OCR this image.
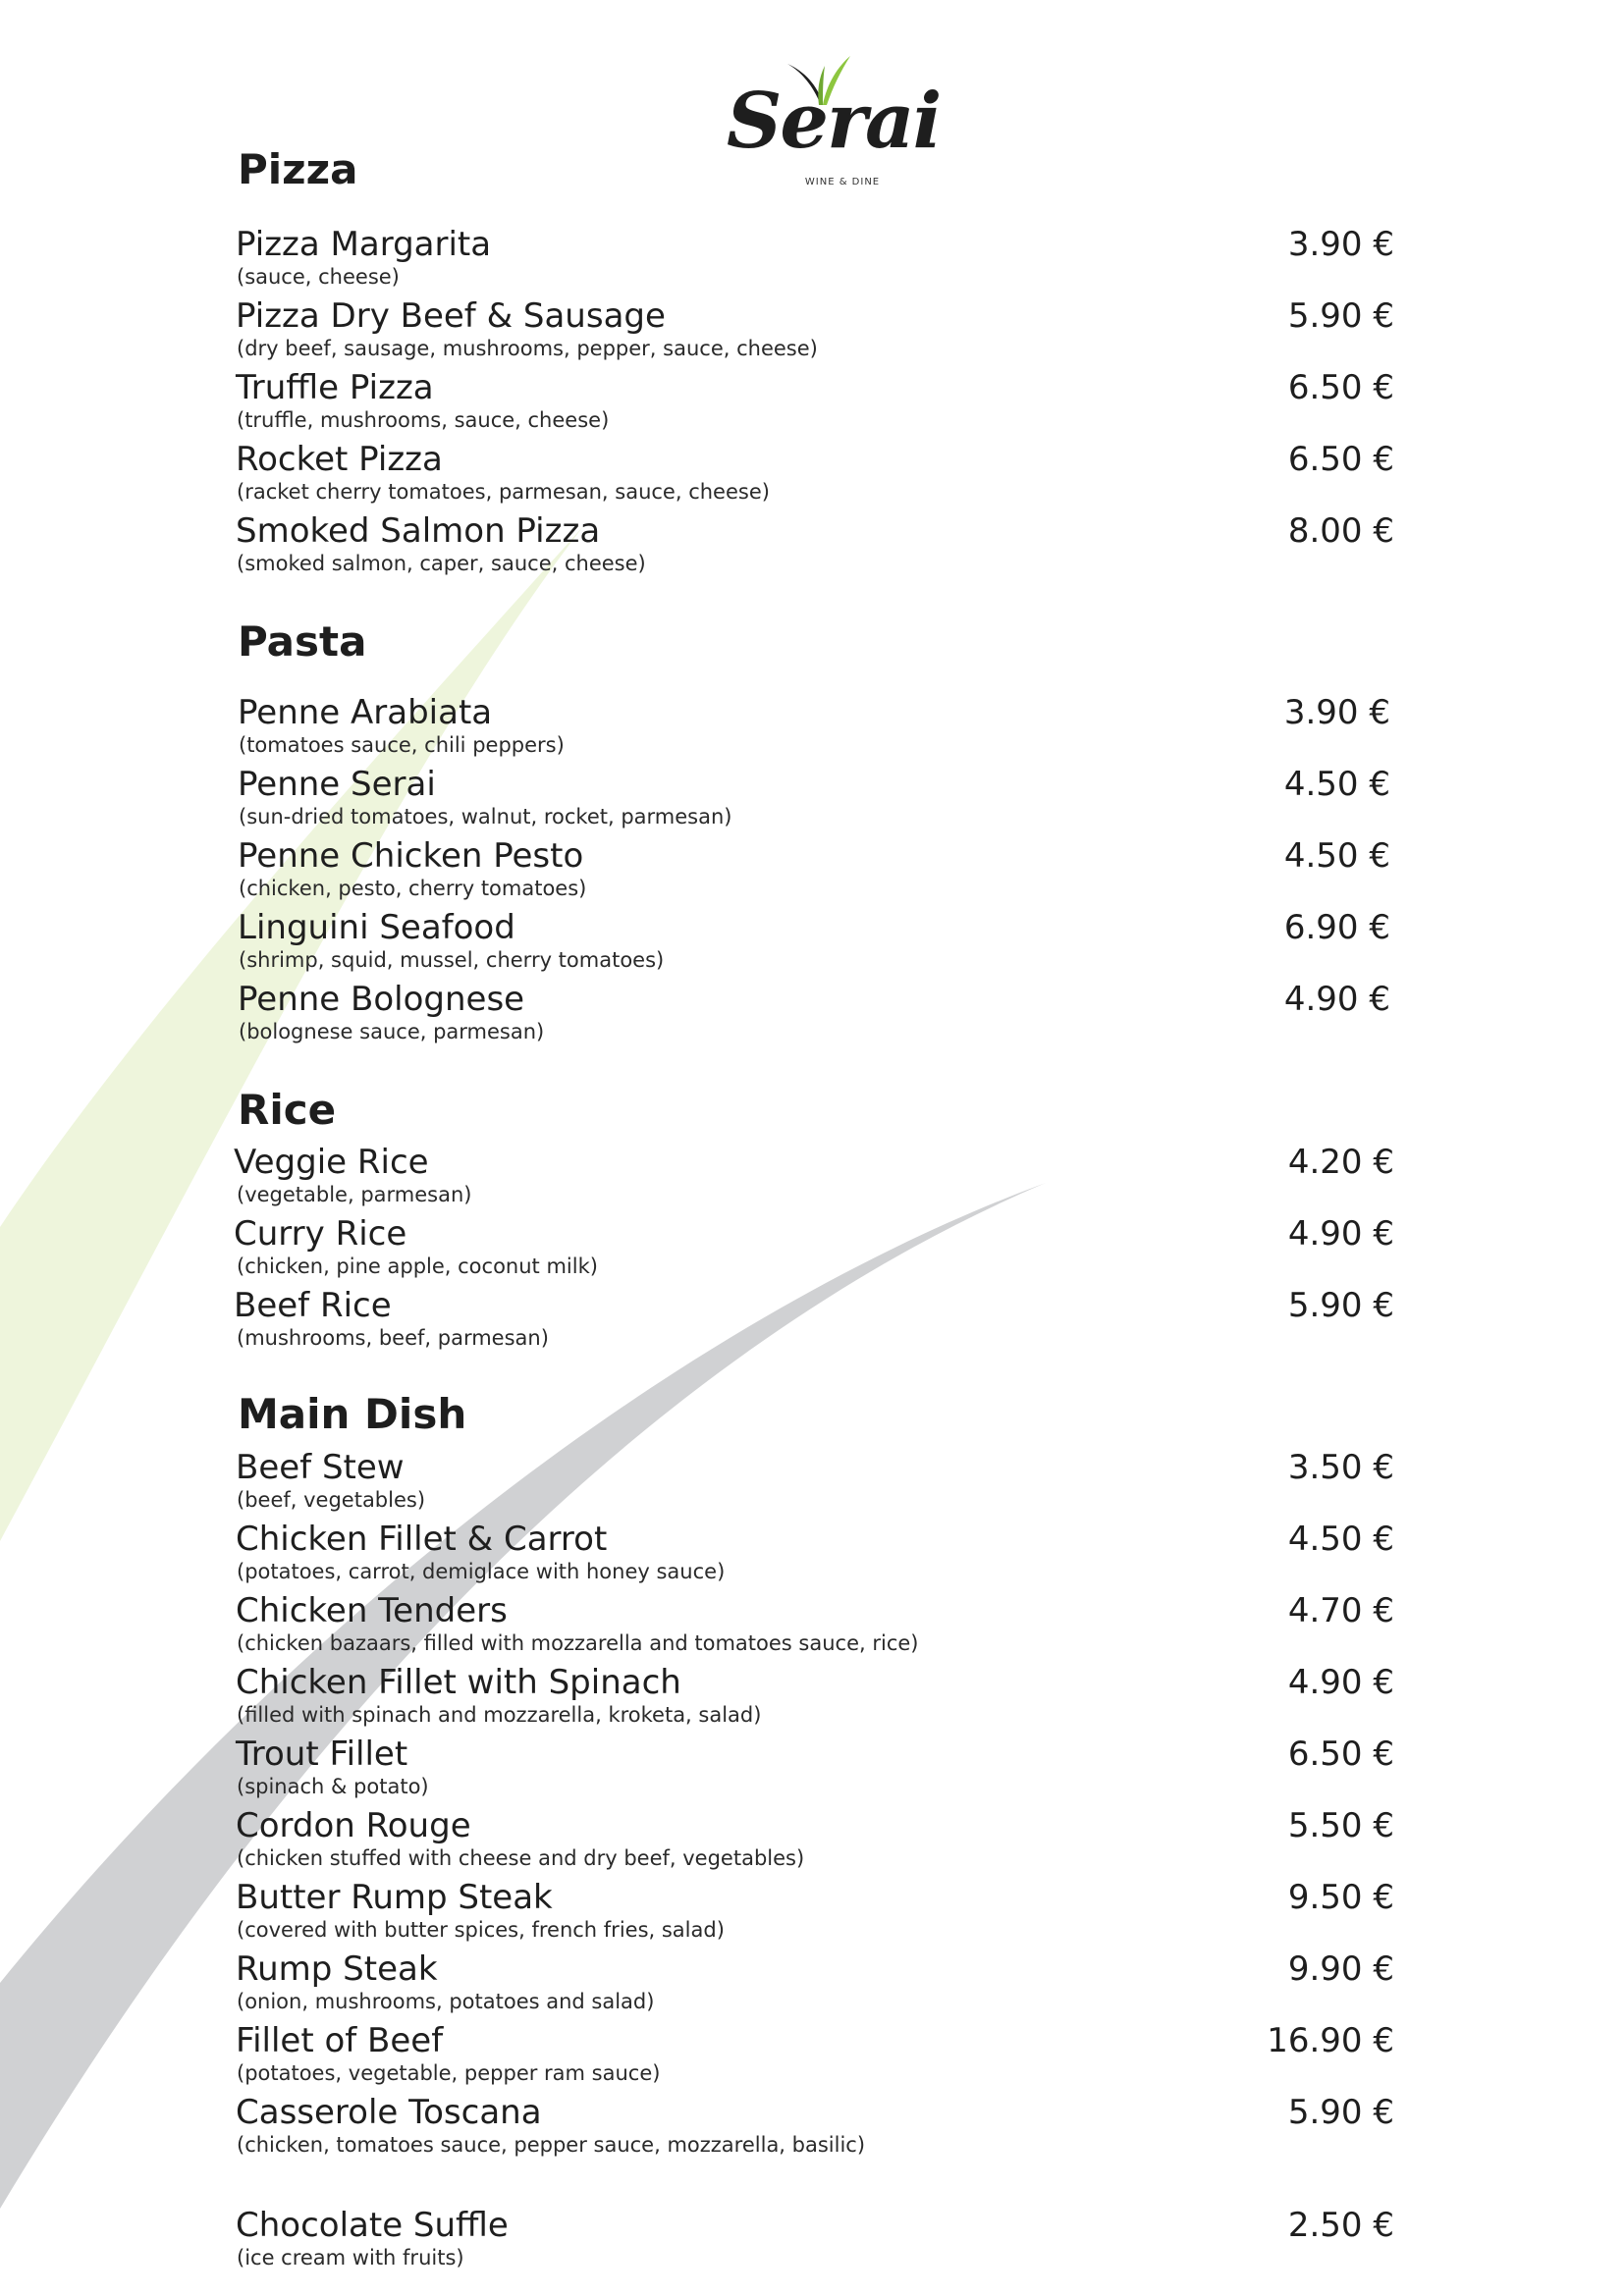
Serai
WINE & DINE
Pizza
Pizza Margarita
(sauce, cheese)
3.90 €
Pizza Dry Beef & Sausage
(dry beef, sausage, mushrooms, pepper, sauce, cheese)
5.90 €
Truffle Pizza
(truffle, mushrooms, sauce, cheese)
6.50 €
Rocket Pizza
(racket cherry tomatoes, parmesan, sauce, cheese)
6.50 €
Smoked Salmon Pizza
(smoked salmon, caper, sauce, cheese)
8.00 €
Pasta
Penne Arabiata
(tomatoes sauce, chili peppers)
3.90 €
Penne Serai
(sun-dried tomatoes, walnut, rocket, parmesan)
4.50 €
Penne Chicken Pesto
(chicken, pesto, cherry tomatoes)
4.50 €
Linguini Seafood
(shrimp, squid, mussel, cherry tomatoes)
6.90 €
Penne Bolognese
(bolognese sauce, parmesan)
4.90 €
Rice
Veggie Rice
(vegetable, parmesan)
4.20 €
Curry Rice
(chicken, pine apple, coconut milk)
4.90 €
Beef Rice
(mushrooms, beef, parmesan)
5.90 €
Main Dish
Beef Stew
(beef, vegetables)
3.50 €
Chicken Fillet & Carrot
(potatoes, carrot, demiglace with honey sauce)
4.50 €
Chicken Tenders
(chicken bazaars, filled with mozzarella and tomatoes sauce, rice)
4.70 €
Chicken Fillet with Spinach
(filled with spinach and mozzarella, kroketa, salad)
4.90 €
Trout Fillet
(spinach & potato)
6.50 €
Cordon Rouge
(chicken stuffed with cheese and dry beef, vegetables)
5.50 €
Butter Rump Steak
(covered with butter spices, french fries, salad)
9.50 €
Rump Steak
(onion, mushrooms, potatoes and salad)
9.90 €
Fillet of Beef
(potatoes, vegetable, pepper ram sauce)
16.90 €
Casserole Toscana
(chicken, tomatoes sauce, pepper sauce, mozzarella, basilic)
5.90 €
Chocolate Suffle
(ice cream with fruits)
2.50 €
